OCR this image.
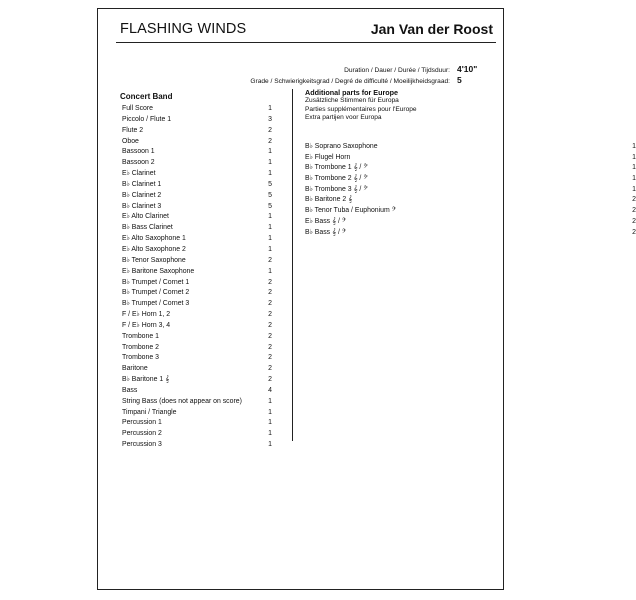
FLASHING WINDS	Jan Van der Roost
Duration / Dauer / Durée / Tijdsduur: 4'10"
Grade / Schwierigkeitsgrad / Degré de difficulté / Moeilijkheidsgraad: 5
Concert Band
Full Score	1
Piccolo / Flute 1	3
Flute 2	2
Oboe	2
Bassoon 1	1
Bassoon 2	1
E♭ Clarinet	1
B♭ Clarinet 1	5
B♭ Clarinet 2	5
B♭ Clarinet 3	5
E♭ Alto Clarinet	1
B♭ Bass Clarinet	1
E♭ Alto Saxophone 1	1
E♭ Alto Saxophone 2	1
B♭ Tenor Saxophone	2
E♭ Baritone Saxophone	1
B♭ Trumpet / Cornet 1	2
B♭ Trumpet / Cornet 2	2
B♭ Trumpet / Cornet 3	2
F / E♭ Horn 1, 2	2
F / E♭ Horn 3, 4	2
Trombone 1	2
Trombone 2	2
Trombone 3	2
Baritone	2
B♭ Baritone 1 𝄞	2
Bass	4
String Bass (does not appear on score)	1
Timpani / Triangle	1
Percussion 1	1
Percussion 2	1
Percussion 3	1
Additional parts for Europe
Zusätzliche Stimmen für Europa
Parties supplémentaires pour l'Europe
Extra partijen voor Europa
B♭ Soprano Saxophone	1
E♭ Flugel Horn	1
B♭ Trombone 1 𝄞 / 𝄢	1
B♭ Trombone 2 𝄞 / 𝄢	1
B♭ Trombone 3 𝄞 / 𝄢	1
B♭ Baritone 2 𝄞	2
B♭ Tenor Tuba / Euphonium 𝄢	2
E♭ Bass 𝄞 / 𝄢	2
B♭ Bass 𝄞 / 𝄢	2
